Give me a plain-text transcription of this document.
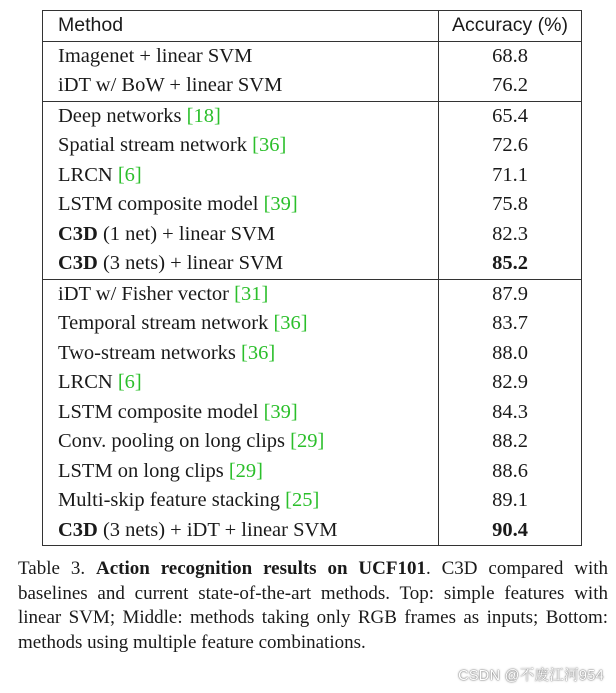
Method	Accuracy (%)
Imagenet + linear SVM	68.8
iDT w/ BoW + linear SVM	76.2
Deep networks [18]	65.4
Spatial stream network [36]	72.6
LRCN [6]	71.1
LSTM composite model [39]	75.8
C3D (1 net) + linear SVM	82.3
C3D (3 nets) + linear SVM	85.2
iDT w/ Fisher vector [31]	87.9
Temporal stream network [36]	83.7
Two-stream networks [36]	88.0
LRCN [6]	82.9
LSTM composite model [39]	84.3
Conv. pooling on long clips [29]	88.2
LSTM on long clips [29]	88.6
Multi-skip feature stacking [25]	89.1
C3D (3 nets) + iDT + linear SVM	90.4
Table 3. Action recognition results on UCF101. C3D compared with baselines and current state-of-the-art methods. Top: simple features with linear SVM; Middle: methods taking only RGB frames as inputs; Bottom: methods using multiple feature combinations.
CSDN @不废江河954
